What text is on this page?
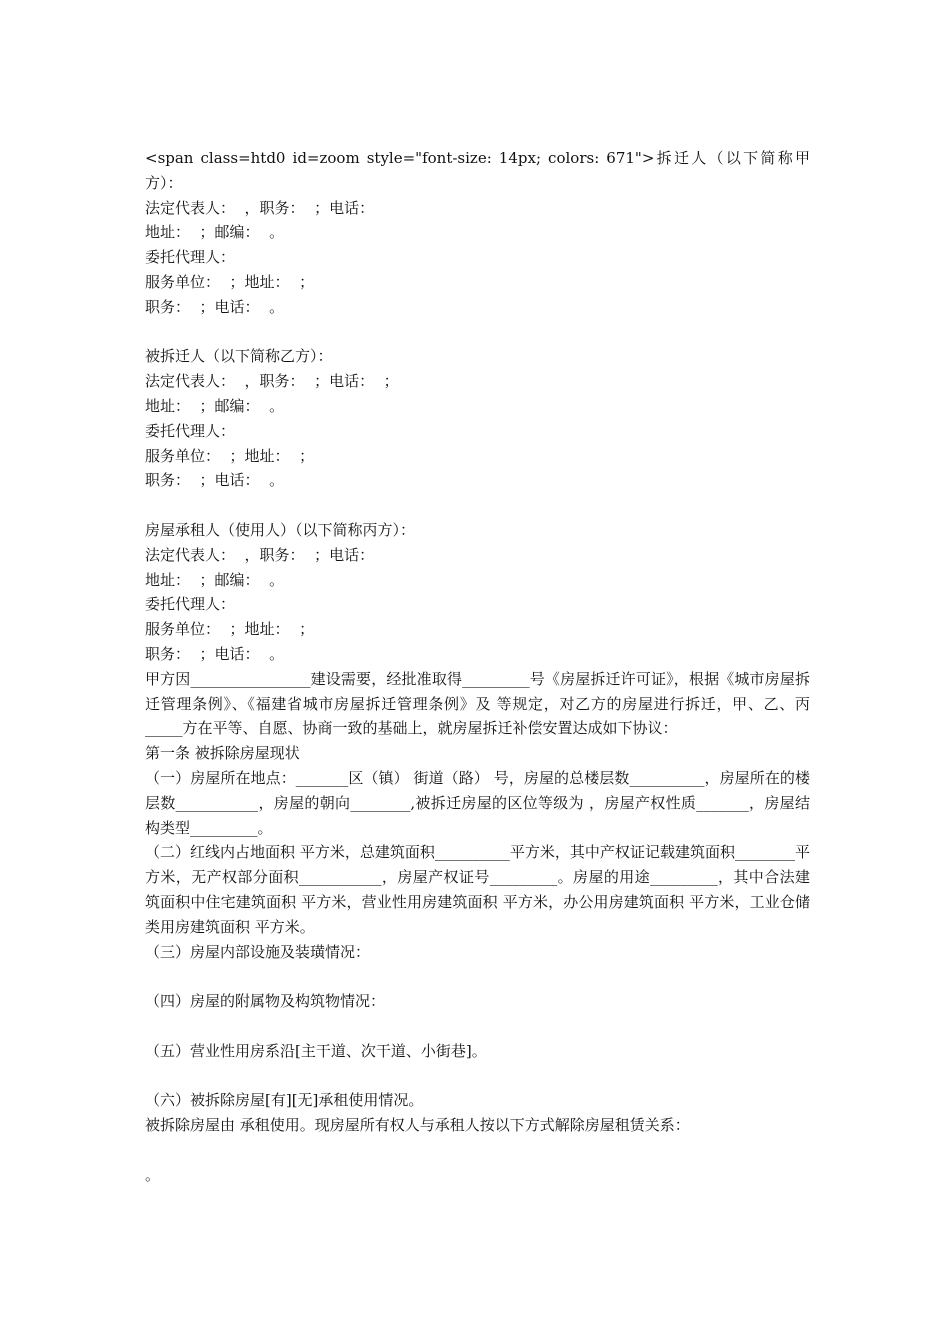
<span class=htd0 id=zoom style="font-size: 14px; colors: 671">拆迁人（以下简称甲方）：
法定代表人：  ，职务：  ；电话：
地址：  ；邮编：  。
委托代理人：
服务单位：  ；地址：  ；
职务：  ；电话：  。
被拆迁人（以下简称乙方）：
法定代表人：  ，职务：  ；电话：  ；
地址：  ；邮编：  。
委托代理人：
服务单位：  ；地址：  ；
职务：  ；电话：  。
房屋承租人（使用人）（以下简称丙方）：
法定代表人：  ，职务：  ；电话：
地址：  ；邮编：  。
委托代理人：
服务单位：  ；地址：  ；
职务：  ；电话：  。
甲方因________________建设需要，经批准取得_________号《房屋拆迁许可证》，根据《城市房屋拆迁管理条例》、《福建省城市房屋拆迁管理条例》及 等规定，对乙方的房屋进行拆迁，甲、乙、丙_____方在平等、自愿、协商一致的基础上，就房屋拆迁补偿安置达成如下协议：
第一条 被拆除房屋现状
（一）房屋所在地点：_______区（镇） 街道（路） 号，房屋的总楼层数__________，房屋所在的楼层数___________，房屋的朝向________,被拆迁房屋的区位等级为 ，房屋产权性质_______，房屋结构类型_________。
（二）红线内占地面积 平方米，总建筑面积__________平方米，其中产权证记载建筑面积________平方米，无产权部分面积___________，房屋产权证号_________。房屋的用途_________，其中合法建筑面积中住宅建筑面积 平方米，营业性用房建筑面积 平方米，办公用房建筑面积 平方米，工业仓储类用房建筑面积 平方米。
（三）房屋内部设施及装璜情况：
（四）房屋的附属物及构筑物情况：
（五）营业性用房系沿[主干道、次干道、小街巷]。
（六）被拆除房屋[有][无]承租使用情况。
被拆除房屋由 承租使用。现房屋所有权人与承租人按以下方式解除房屋租赁关系：
。
